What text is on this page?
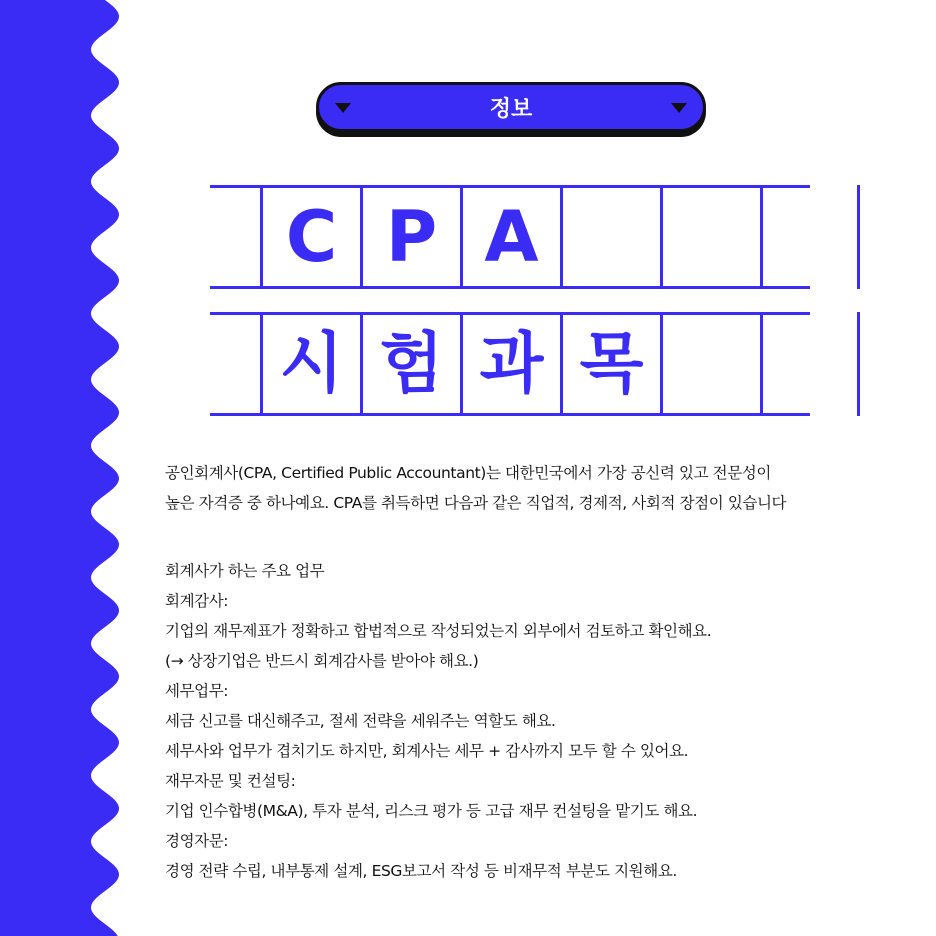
정보
C P A
시 험 과 목
공인회계사(CPA, Certified Public Accountant)는 대한민국에서 가장 공신력 있고 전문성이
높은 자격증 중 하나예요. CPA를 취득하면 다음과 같은 직업적, 경제적, 사회적 장점이 있습니다
회계사가 하는 주요 업무
회계감사:
기업의 재무제표가 정확하고 합법적으로 작성되었는지 외부에서 검토하고 확인해요.
(→ 상장기업은 반드시 회계감사를 받아야 해요.)
세무업무:
세금 신고를 대신해주고, 절세 전략을 세워주는 역할도 해요.
세무사와 업무가 겹치기도 하지만, 회계사는 세무 + 감사까지 모두 할 수 있어요.
재무자문 및 컨설팅:
기업 인수합병(M&A), 투자 분석, 리스크 평가 등 고급 재무 컨설팅을 맡기도 해요.
경영자문:
경영 전략 수립, 내부통제 설계, ESG보고서 작성 등 비재무적 부분도 지원해요.
